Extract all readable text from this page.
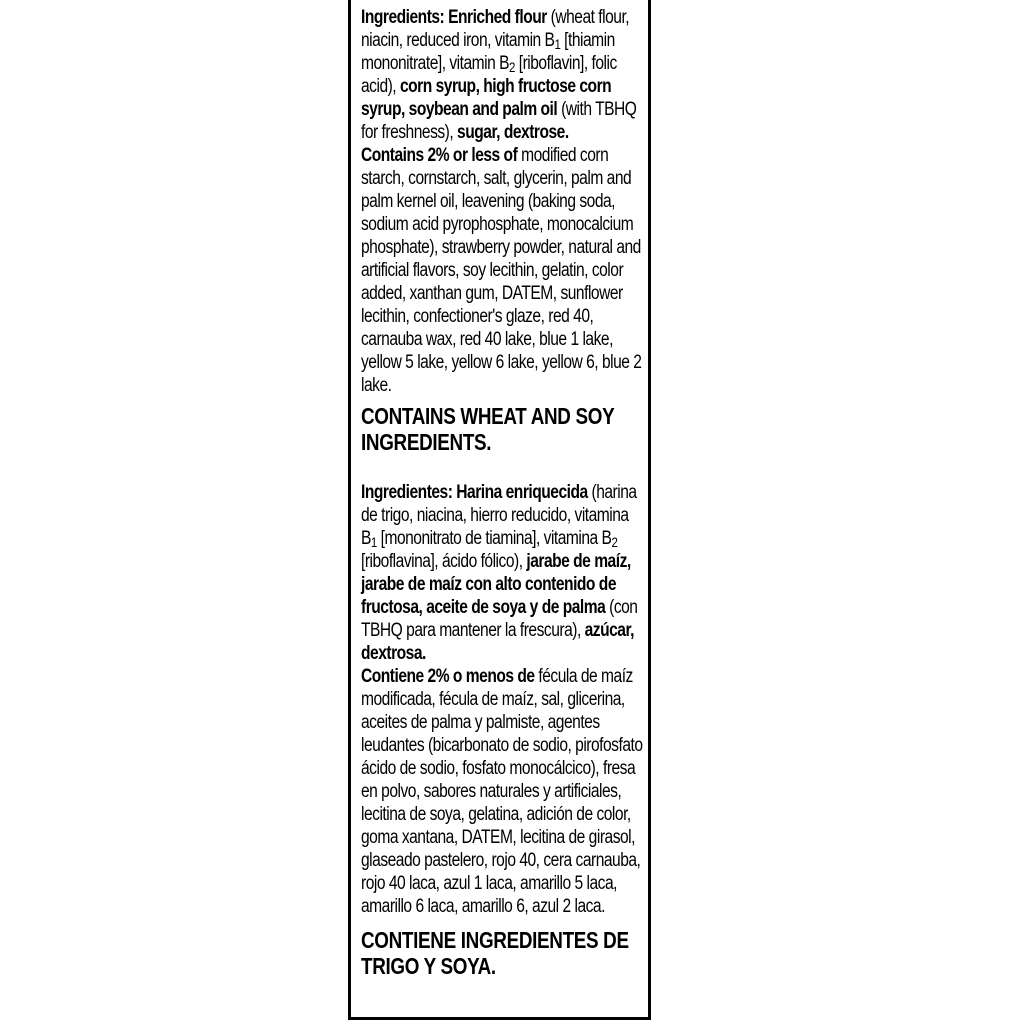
Ingredients: Enriched flour (wheat flour, niacin, reduced iron, vitamin $B_1$ [thiamin mononitrate], vitamin $B_2$ [riboflavin], folic acid), corn syrup, high fructose corn syrup, soybean and palm oil (with TBHQ for freshness), sugar, dextrose.

Contains 2% or less of modified corn starch, cornstarch, salt, glycerin, palm and palm kernel oil, leavening (baking soda, sodium acid pyrophosphate, monocalcium phosphate), strawberry powder, natural and artificial flavors, soy lecithin, gelatin, color added, xanthan gum, DATEM, sunflower lecithin, confectioner's glaze, red 40, carnauba wax, red 40 lake, blue 1 lake, yellow 5 lake, yellow 6 lake, yellow 6, blue 2 lake.

CONTAINS WHEAT AND SOY INGREDIENTS.

Ingredientes: Harina enriquecida (harina de trigo, niacina, hierro reducido, vitamina $B_1$ [mononitrato de tiamina], vitamina $B_2$ [riboflavina], ácido fólico), jarabe de maíz, jarabe de maíz con alto contenido de fructosa, aceite de soya y de palma (con TBHQ para mantener la frescura), azúcar, dextrosa.

Contiene 2% o menos de fécula de maíz modificada, fécula de maíz, sal, glicerina, aceites de palma y palmiste, agentes leudantes (bicarbonato de sodio, pirofosfato ácido de sodio, fosfato monocálcico), fresa en polvo, sabores naturales y artificiales, lecitina de soya, gelatina, adición de color, goma xantana, DATEM, lecitina de girasol, glaseado pastelero, rojo 40, cera carnauba, rojo 40 laca, azul 1 laca, amarillo 5 laca, amarillo 6 laca, amarillo 6, azul 2 laca.

CONTIENE INGREDIENTES DE TRIGO Y SOYA.
